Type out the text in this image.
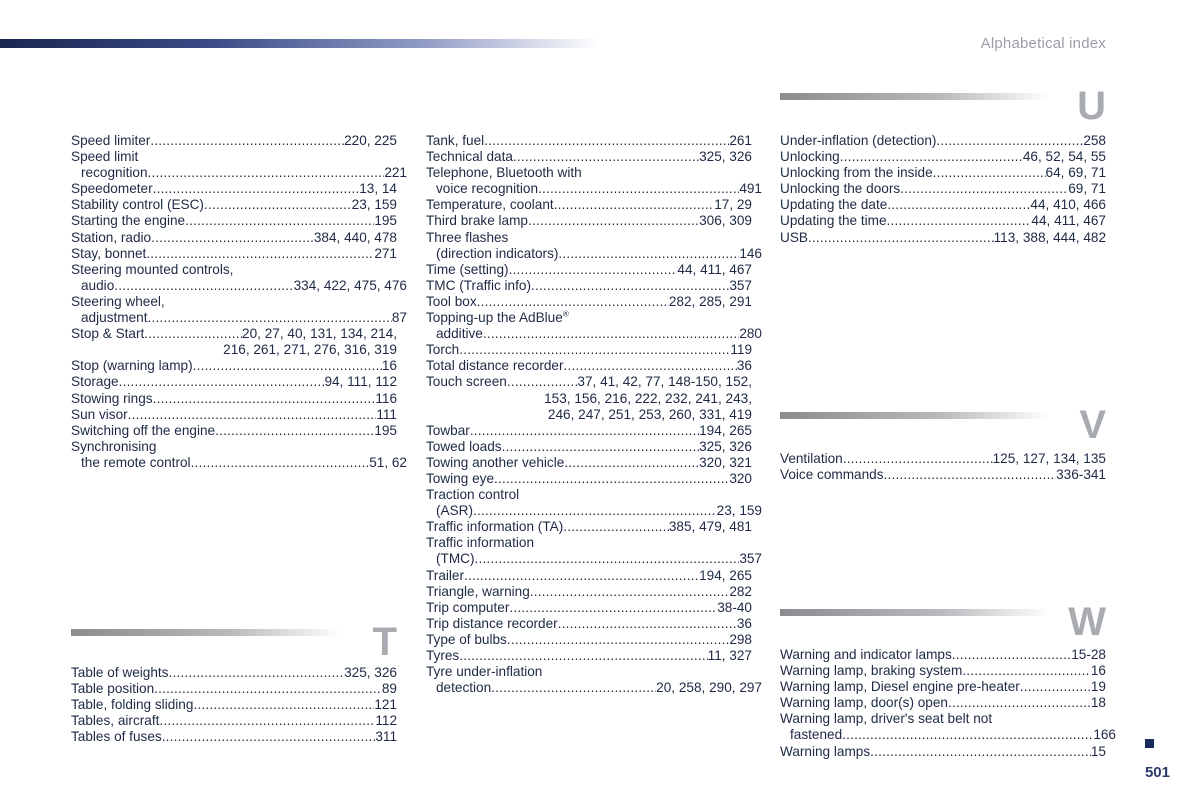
Alphabetical index
Speed limiter .....	220, 225
Speed limit
recognition .....	221
Speedometer .....	13, 14
Stability control (ESC) .....	23, 159
Starting the engine .....	195
Station, radio .....	384, 440, 478
Stay, bonnet .....	271
Steering mounted controls,
audio .....	334, 422, 475, 476
Steering wheel,
adjustment .....	87
Stop & Start .....	20, 27, 40, 131, 134, 214,
216, 261, 271, 276, 316, 319
Stop (warning lamp) .....	16
Storage .....	94, 111, 112
Stowing rings .....	116
Sun visor .....	111
Switching off the engine .....	195
Synchronising
the remote control .....	51, 62
T
Table of weights .....	325, 326
Table position .....	89
Table, folding sliding .....	121
Tables, aircraft .....	112
Tables of fuses .....	311
Tank, fuel .....	261
Technical data .....	325, 326
Telephone, Bluetooth with
voice recognition .....	491
Temperature, coolant .....	17, 29
Third brake lamp .....	306, 309
Three flashes
(direction indicators) .....	146
Time (setting) .....	44, 411, 467
TMC (Traffic info) .....	357
Tool box .....	282, 285, 291
Topping-up the AdBlue®
additive .....	280
Torch .....	119
Total distance recorder .....	36
Touch screen .....	37, 41, 42, 77, 148-150, 152,
153, 156, 216, 222, 232, 241, 243,
246, 247, 251, 253, 260, 331, 419
Towbar .....	194, 265
Towed loads .....	325, 326
Towing another vehicle .....	320, 321
Towing eye .....	320
Traction control
(ASR) .....	23, 159
Traffic information (TA) .....	385, 479, 481
Traffic information
(TMC) .....	357
Trailer .....	194, 265
Triangle, warning .....	282
Trip computer .....	38-40
Trip distance recorder .....	36
Type of bulbs .....	298
Tyres .....	11, 327
Tyre under-inflation
detection .....	20, 258, 290, 297
U
Under-inflation (detection) .....	258
Unlocking .....	46, 52, 54, 55
Unlocking from the inside .....	64, 69, 71
Unlocking the doors .....	69, 71
Updating the date .....	44, 410, 466
Updating the time .....	44, 411, 467
USB .....	113, 388, 444, 482
V
Ventilation .....	125, 127, 134, 135
Voice commands .....	336-341
W
Warning and indicator lamps .....	15-28
Warning lamp, braking system .....	16
Warning lamp, Diesel engine pre-heater .....	19
Warning lamp, door(s) open .....	18
Warning lamp, driver's seat belt not
fastened .....	166
Warning lamps .....	15
501
